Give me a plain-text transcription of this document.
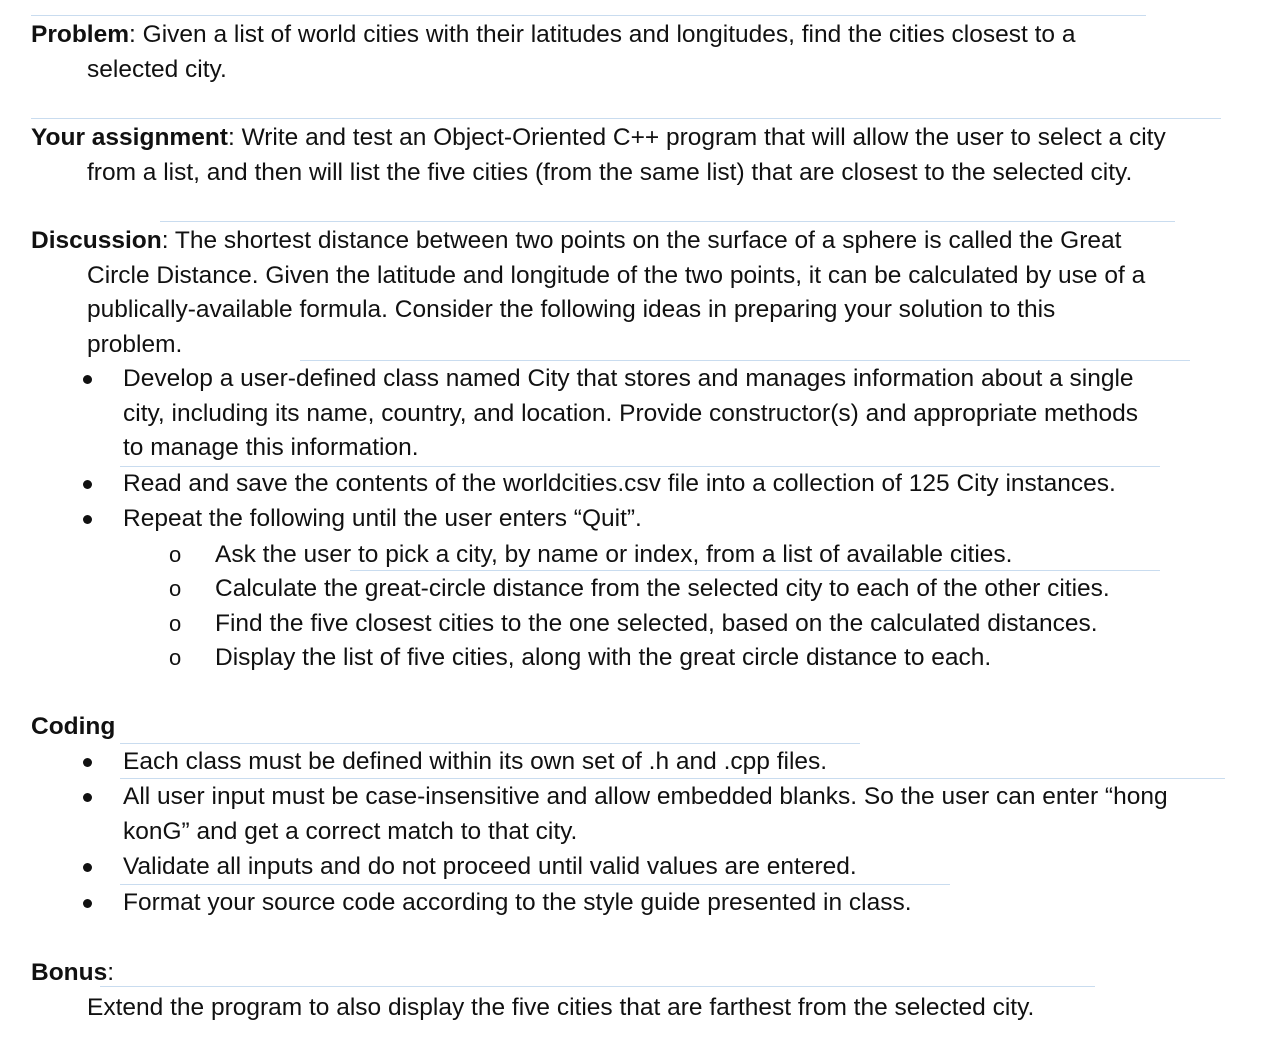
Problem: Given a list of world cities with their latitudes and longitudes, find the cities closest to a

selected city.

Your assignment: Write and test an Object-Oriented C++ program that will allow the user to select a city

from a list, and then will list the five cities (from the same list) that are closest to the selected city.

Discussion: The shortest distance between two points on the surface of a sphere is called the Great

Circle Distance. Given the latitude and longitude of the two points, it can be calculated by use of a

publically-available formula. Consider the following ideas in preparing your solution to this

problem.

Develop a user-defined class named City that stores and manages information about a single
city, including its name, country, and location. Provide constructor(s) and appropriate methods
to manage this information.
Read and save the contents of the worldcities.csv file into a collection of 125 City instances.
Repeat the following until the user enters “Quit”.
o Ask the user to pick a city, by name or index, from a list of available cities.
o Calculate the great-circle distance from the selected city to each of the other cities.
o Find the five closest cities to the one selected, based on the calculated distances.
o Display the list of five cities, along with the great circle distance to each.

Coding

Each class must be defined within its own set of .h and .cpp files.
All user input must be case-insensitive and allow embedded blanks. So the user can enter “hong
konG” and get a correct match to that city.
Validate all inputs and do not proceed until valid values are entered.
Format your source code according to the style guide presented in class.

Bonus:

Extend the program to also display the five cities that are farthest from the selected city.
